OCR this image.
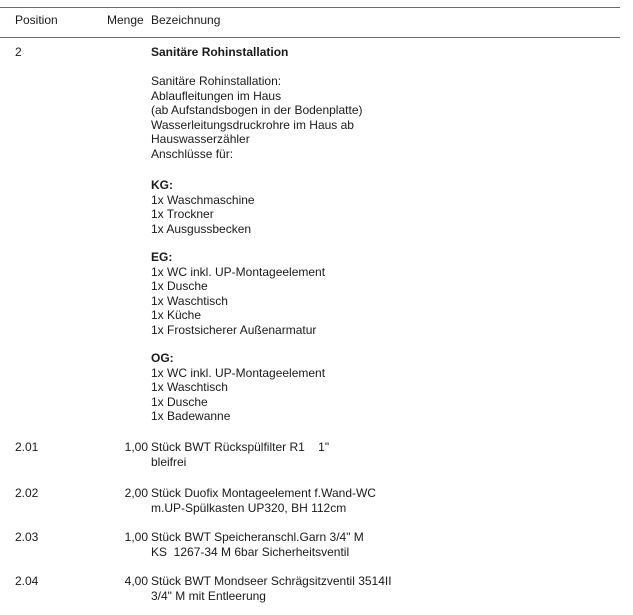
Position	Menge Bezeichnung
2	Sanitäre Rohinstallation
Sanitäre Rohinstallation:
Ablaufleitungen im Haus
(ab Aufstandsbogen in der Bodenplatte)
Wasserleitungsdruckrohre im Haus ab
Hauswasserzähler
Anschlüsse für:
KG:
1x Waschmaschine
1x Trockner
1x Ausgussbecken
EG:
1x WC inkl. UP-Montageelement
1x Dusche
1x Waschtisch
1x Küche
1x Frostsicherer Außenarmatur
OG:
1x WC inkl. UP-Montageelement
1x Waschtisch
1x Dusche
1x Badewanne
2.01	1,00 Stück BWT Rückspülfilter R1    1"
bleifrei
2.02	2,00 Stück Duofix Montageelement f.Wand-WC
m.UP-Spülkasten UP320, BH 112cm
2.03	1,00 Stück BWT Speicheranschl.Garn 3/4" M
KS  1267-34 M 6bar Sicherheitsventil
2.04	4,00 Stück BWT Mondseer Schrägsitzventil 3514II
3/4" M mit Entleerung
